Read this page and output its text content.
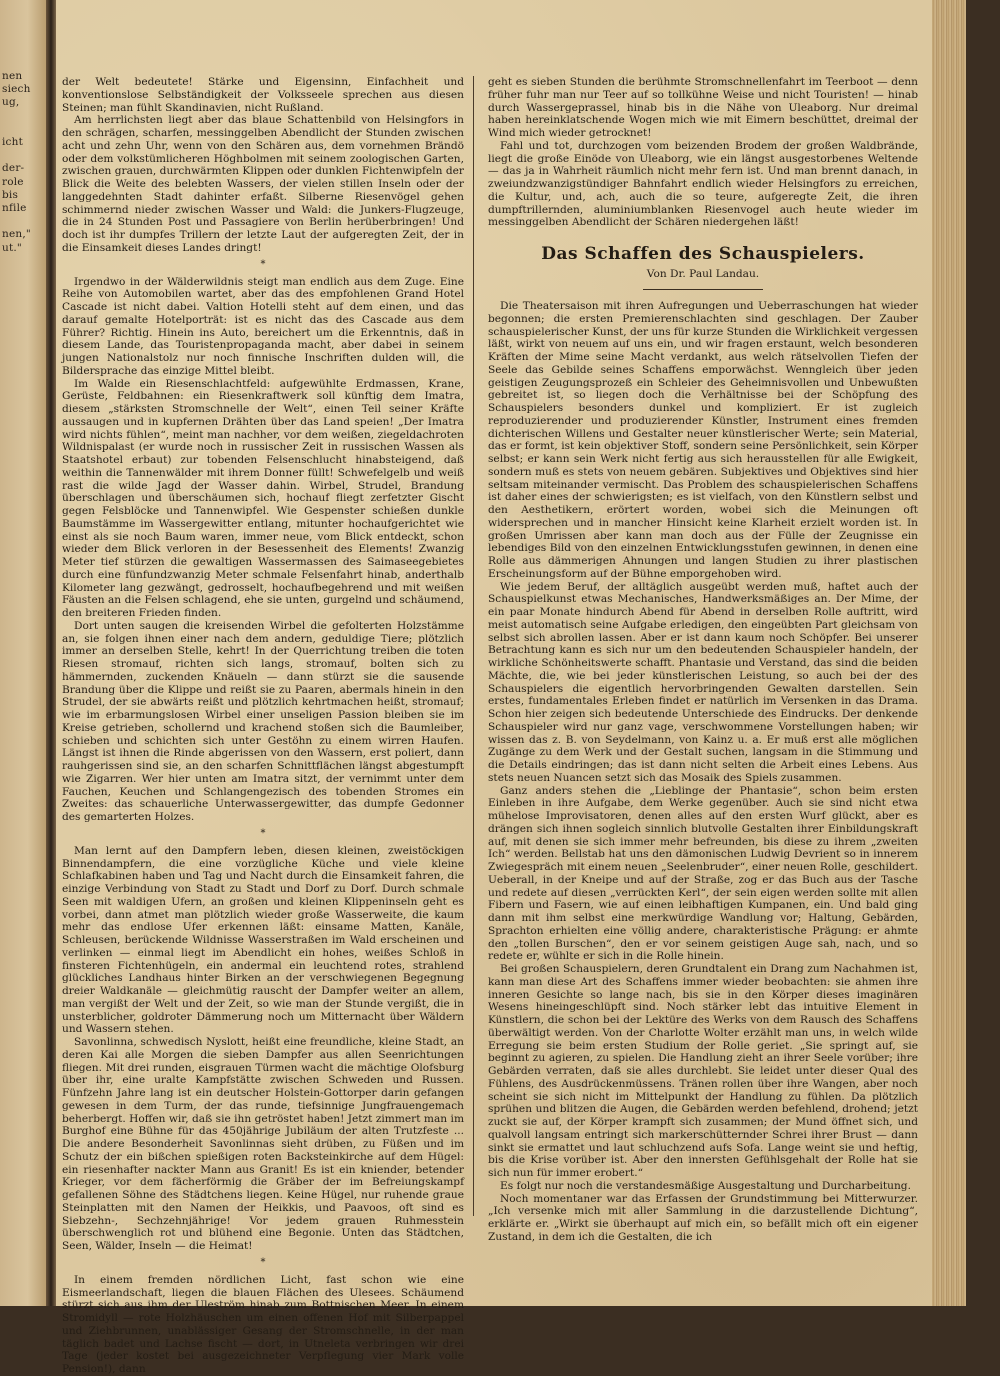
nen
siech
ug,

icht

der-
role
bis
nfile

nen,"
ut."

der Welt bedeutete! Stärke und Eigensinn, Einfachheit und konventionslose Selbständigkeit der Volksseele sprechen aus diesen Steinen; man fühlt Skandinavien, nicht Rußland.

Am herrlichsten liegt aber das blaue Schattenbild von Helsingfors in den schrägen, scharfen, messinggelben Abendlicht der Stunden zwischen acht und zehn Uhr, wenn von den Schären aus, dem vornehmen Brändö oder dem volkstümlicheren Höghbolmen mit seinem zoologischen Garten, zwischen grauen, durchwärmten Klippen oder dunklen Fichtenwipfeln der Blick die Weite des belebten Wassers, der vielen stillen Inseln oder der langgedehnten Stadt dahinter erfaßt. Silberne Riesenvögel gehen schimmernd nieder zwischen Wasser und Wald: die Junkers-Flugzeuge, die in 24 Stunden Post und Passagiere von Berlin herüberbringen! Und doch ist ihr dumpfes Trillern der letzte Laut der aufgeregten Zeit, der in die Einsamkeit dieses Landes dringt!

*

Irgendwo in der Wälderwildnis steigt man endlich aus dem Zuge. Eine Reihe von Automobilen wartet, aber das des empfohlenen Grand Hotel Cascade ist nicht dabei. Valtion Hotelli steht auf dem einen, und das darauf gemalte Hotelporträt: ist es nicht das des Cascade aus dem Führer? Richtig. Hinein ins Auto, bereichert um die Erkenntnis, daß in diesem Lande, das Touristenpropaganda macht, aber dabei in seinem jungen Nationalstolz nur noch finnische Inschriften dulden will, die Bildersprache das einzige Mittel bleibt.

Im Walde ein Riesenschlachtfeld: aufgewühlte Erdmassen, Krane, Gerüste, Feldbahnen: ein Riesenkraftwerk soll künftig dem Imatra, diesem „stärksten Stromschnelle der Welt“, einen Teil seiner Kräfte aussaugen und in kupfernen Drähten über das Land speien! „Der Imatra wird nichts fühlen“, meint man nachher, vor dem weißen, ziegeldachroten Wildnispalast (er wurde noch in russischer Zeit in russischen Wassen als Staatshotel erbaut) zur tobenden Felsenschlucht hinabsteigend, daß weithin die Tannenwälder mit ihrem Donner füllt! Schwefelgelb und weiß rast die wilde Jagd der Wasser dahin. Wirbel, Strudel, Brandung überschlagen und überschäumen sich, hochauf fliegt zerfetzter Gischt gegen Felsblöcke und Tannenwipfel. Wie Gespenster schießen dunkle Baumstämme im Wassergewitter entlang, mitunter hochaufgerichtet wie einst als sie noch Baum waren, immer neue, vom Blick entdeckt, schon wieder dem Blick verloren in der Besessenheit des Elements! Zwanzig Meter tief stürzen die gewaltigen Wassermassen des Saimaseegebietes durch eine fünfundzwanzig Meter schmale Felsenfahrt hinab, anderthalb Kilometer lang gezwängt, gedrosselt, hochaufbegehrend und mit weißen Fäusten an die Felsen schlagend, ehe sie unten, gurgelnd und schäumend, den breiteren Frieden finden.

Dort unten saugen die kreisenden Wirbel die gefolterten Holzstämme an, sie folgen ihnen einer nach dem andern, geduldige Tiere; plötzlich immer an derselben Stelle, kehrt! In der Querrichtung treiben die toten Riesen stromauf, richten sich langs, stromauf, bolten sich zu hämmernden, zuckenden Knäueln — dann stürzt sie die sausende Brandung über die Klippe und reißt sie zu Paaren, abermals hinein in den Strudel, der sie abwärts reißt und plötzlich kehrtmachen heißt, stromauf; wie im erbarmungslosen Wirbel einer unseligen Passion bleiben sie im Kreise getrieben, schollernd und krachend stoßen sich die Baumleiber, schieben und schichten sich unter Gestöhn zu einem wirren Haufen. Längst ist ihnen die Rinde abgerissen von den Wassern, erst poliert, dann rauhgerissen sind sie, an den scharfen Schnittflächen längst abgestumpft wie Zigarren. Wer hier unten am Imatra sitzt, der vernimmt unter dem Fauchen, Keuchen und Schlangengezisch des tobenden Stromes ein Zweites: das schauerliche Unterwassergewitter, das dumpfe Gedonner des gemarterten Holzes.

*

Man lernt auf den Dampfern leben, diesen kleinen, zweistöckigen Binnendampfern, die eine vorzügliche Küche und viele kleine Schlafkabinen haben und Tag und Nacht durch die Einsamkeit fahren, die einzige Verbindung von Stadt zu Stadt und Dorf zu Dorf. Durch schmale Seen mit waldigen Ufern, an großen und kleinen Klippeninseln geht es vorbei, dann atmet man plötzlich wieder große Wasserweite, die kaum mehr das endlose Ufer erkennen läßt: einsame Matten, Kanäle, Schleusen, berückende Wildnisse Wasserstraßen im Wald erscheinen und verlinken — einmal liegt im Abendlicht ein hohes, weißes Schloß in finsteren Fichtenhügeln, ein andermal ein leuchtend rotes, strahlend glückliches Landhaus hinter Birken an der verschwiegenen Begegnung dreier Waldkanäle — gleichmütig rauscht der Dampfer weiter an allem, man vergißt der Welt und der Zeit, so wie man der Stunde vergißt, die in unsterblicher, goldroter Dämmerung noch um Mitternacht über Wäldern und Wassern stehen.

Savonlinna, schwedisch Nyslott, heißt eine freundliche, kleine Stadt, an deren Kai alle Morgen die sieben Dampfer aus allen Seenrichtungen fliegen. Mit drei runden, eisgrauen Türmen wacht die mächtige Olofsburg über ihr, eine uralte Kampfstätte zwischen Schweden und Russen. Fünfzehn Jahre lang ist ein deutscher Holstein-Gottorper darin gefangen gewesen in dem Turm, der das runde, tiefsinnige Jungfrauengemach beherbergt. Hoffen wir, daß sie ihn getröstet haben! Jetzt zimmert man im Burghof eine Bühne für das 450jährige Jubiläum der alten Trutzfeste ... Die andere Besonderheit Savonlinnas sieht drüben, zu Füßen und im Schutz der ein bißchen spießigen roten Backsteinkirche auf dem Hügel: ein riesenhafter nackter Mann aus Granit! Es ist ein kniender, betender Krieger, vor dem fächerförmig die Gräber der im Befreiungskampf gefallenen Söhne des Städtchens liegen. Keine Hügel, nur ruhende graue Steinplatten mit den Namen der Heikkis, und Paavoos, oft sind es Siebzehn-, Sechzehnjährige! Vor jedem grauen Ruhmesstein überschwenglich rot und blühend eine Begonie. Unten das Städtchen, Seen, Wälder, Inseln — die Heimat!

*

In einem fremden nördlichen Licht, fast schon wie eine Eismeerlandschaft, liegen die blauen Flächen des Ulesees. Schäumend stürzt sich aus ihm der Uleström hinab zum Bottnischen Meer. In einem Stromidyll — rote Holzhäuschen um einen offenen Hof mit Silberpappel und Ziehbrunnen, unablässiger Gesang der Stromschnelle, in der man täglich badet und Lachse fischt — dort, in Utneleta verbringen wir drei Tage (jeder kostet bei ausgezeichneter Verpflegung vier Mark volle Pension!), dann

geht es sieben Stunden die berühmte Stromschnellenfahrt im Teerboot — denn früher fuhr man nur Teer auf so tollkühne Weise und nicht Touristen! — hinab durch Wassergeprassel, hinab bis in die Nähe von Uleaborg. Nur dreimal haben hereinklatschende Wogen mich wie mit Eimern beschüttet, dreimal der Wind mich wieder getrocknet!

Fahl und tot, durchzogen vom beizenden Brodem der großen Waldbrände, liegt die große Einöde von Uleaborg, wie ein längst ausgestorbenes Weltende — das ja in Wahrheit räumlich nicht mehr fern ist. Und man brennt danach, in zweiundzwanzigstündiger Bahnfahrt endlich wieder Helsingfors zu erreichen, die Kultur, und, ach, auch die so teure, aufgeregte Zeit, die ihren dumpftrillernden, aluminiumblanken Riesenvogel auch heute wieder im messinggelben Abendlicht der Schären niedergehen läßt!

Das Schaffen des Schauspielers.
Von Dr. Paul Landau.

Die Theatersaison mit ihren Aufregungen und Ueberraschungen hat wieder begonnen; die ersten Premierenschlachten sind geschlagen. Der Zauber schauspielerischer Kunst, der uns für kurze Stunden die Wirklichkeit vergessen läßt, wirkt von neuem auf uns ein, und wir fragen erstaunt, welch besonderen Kräften der Mime seine Macht verdankt, aus welch rätselvollen Tiefen der Seele das Gebilde seines Schaffens emporwächst. Wenngleich über jeden geistigen Zeugungsprozeß ein Schleier des Geheimnisvollen und Unbewußten gebreitet ist, so liegen doch die Verhältnisse bei der Schöpfung des Schauspielers besonders dunkel und kompliziert. Er ist zugleich reproduzierender und produzierender Künstler, Instrument eines fremden dichterischen Willens und Gestalter neuer künstlerischer Werte; sein Material, das er formt, ist kein objektiver Stoff, sondern seine Persönlichkeit, sein Körper selbst; er kann sein Werk nicht fertig aus sich herausstellen für alle Ewigkeit, sondern muß es stets von neuem gebären. Subjektives und Objektives sind hier seltsam miteinander vermischt. Das Problem des schauspielerischen Schaffens ist daher eines der schwierigsten; es ist vielfach, von den Künstlern selbst und den Aesthetikern, erörtert worden, wobei sich die Meinungen oft widersprechen und in mancher Hinsicht keine Klarheit erzielt worden ist. In großen Umrissen aber kann man doch aus der Fülle der Zeugnisse ein lebendiges Bild von den einzelnen Entwicklungsstufen gewinnen, in denen eine Rolle aus dämmerigen Ahnungen und langen Studien zu ihrer plastischen Erscheinungsform auf der Bühne emporgehoben wird.

Wie jedem Beruf, der alltäglich ausgeübt werden muß, haftet auch der Schauspielkunst etwas Mechanisches, Handwerksmäßiges an. Der Mime, der ein paar Monate hindurch Abend für Abend in derselben Rolle auftritt, wird meist automatisch seine Aufgabe erledigen, den eingeübten Part gleichsam von selbst sich abrollen lassen. Aber er ist dann kaum noch Schöpfer. Bei unserer Betrachtung kann es sich nur um den bedeutenden Schauspieler handeln, der wirkliche Schönheitswerte schafft. Phantasie und Verstand, das sind die beiden Mächte, die, wie bei jeder künstlerischen Leistung, so auch bei der des Schauspielers die eigentlich hervorbringenden Gewalten darstellen. Sein erstes, fundamentales Erleben findet er natürlich im Versenken in das Drama. Schon hier zeigen sich bedeutende Unterschiede des Eindrucks. Der denkende Schauspieler wird nur ganz vage, verschwommene Vorstellungen haben; wir wissen das z. B. von Seydelmann, von Kainz u. a. Er muß erst alle möglichen Zugänge zu dem Werk und der Gestalt suchen, langsam in die Stimmung und die Details eindringen; das ist dann nicht selten die Arbeit eines Lebens. Aus stets neuen Nuancen setzt sich das Mosaik des Spiels zusammen.

Ganz anders stehen die „Lieblinge der Phantasie“, schon beim ersten Einleben in ihre Aufgabe, dem Werke gegenüber. Auch sie sind nicht etwa mühelose Improvisatoren, denen alles auf den ersten Wurf glückt, aber es drängen sich ihnen sogleich sinnlich blutvolle Gestalten ihrer Einbildungskraft auf, mit denen sie sich immer mehr befreunden, bis diese zu ihrem „zweiten Ich“ werden. Bellstab hat uns den dämonischen Ludwig Devrient so in innerem Zwiegespräch mit einem neuen „Seelenbruder“, einer neuen Rolle, geschildert. Ueberall, in der Kneipe und auf der Straße, zog er das Buch aus der Tasche und redete auf diesen „verrückten Kerl“, der sein eigen werden sollte mit allen Fibern und Fasern, wie auf einen leibhaftigen Kumpanen, ein. Und bald ging dann mit ihm selbst eine merkwürdige Wandlung vor; Haltung, Gebärden, Sprachton erhielten eine völlig andere, charakteristische Prägung: er ahmte den „tollen Burschen“, den er vor seinem geistigen Auge sah, nach, und so redete er, wühlte er sich in die Rolle hinein.

Bei großen Schauspielern, deren Grundtalent ein Drang zum Nachahmen ist, kann man diese Art des Schaffens immer wieder beobachten: sie ahmen ihre inneren Gesichte so lange nach, bis sie in den Körper dieses imaginären Wesens hineingeschlüpft sind. Noch stärker lebt das intuitive Element in Künstlern, die schon bei der Lektüre des Werks von dem Rausch des Schaffens überwältigt werden. Von der Charlotte Wolter erzählt man uns, in welch wilde Erregung sie beim ersten Studium der Rolle geriet. „Sie springt auf, sie beginnt zu agieren, zu spielen. Die Handlung zieht an ihrer Seele vorüber; ihre Gebärden verraten, daß sie alles durchlebt. Sie leidet unter dieser Qual des Fühlens, des Ausdrückenmüssens. Tränen rollen über ihre Wangen, aber noch scheint sie sich nicht im Mittelpunkt der Handlung zu fühlen. Da plötzlich sprühen und blitzen die Augen, die Gebärden werden befehlend, drohend; jetzt zuckt sie auf, der Körper krampft sich zusammen; der Mund öffnet sich, und qualvoll langsam entringt sich markerschütternder Schrei ihrer Brust — dann sinkt sie ermattet und laut schluchzend aufs Sofa. Lange weint sie und heftig, bis die Krise vorüber ist. Aber den innersten Gefühlsgehalt der Rolle hat sie sich nun für immer erobert.“

Es folgt nur noch die verstandesmäßige Ausgestaltung und Durcharbeitung.

Noch momentaner war das Erfassen der Grundstimmung bei Mitterwurzer. „Ich versenke mich mit aller Sammlung in die darzustellende Dichtung“, erklärte er. „Wirkt sie überhaupt auf mich ein, so befällt mich oft ein eigener Zustand, in dem ich die Gestalten, die ich
